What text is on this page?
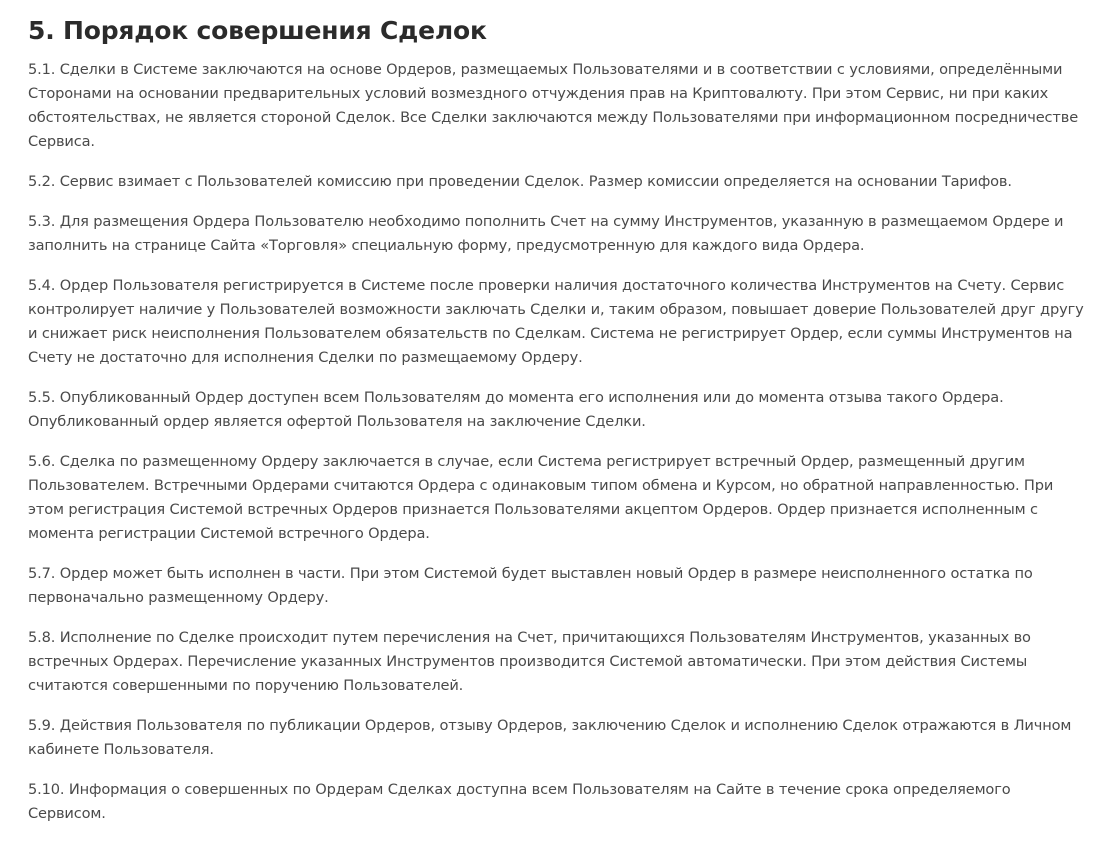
5. Порядок совершения Сделок

5.1. Сделки в Системе заключаются на основе Ордеров, размещаемых Пользователями и в соответствии с условиями, определёнными Сторонами на основании предварительных условий возмездного отчуждения прав на Криптовалюту. При этом Сервис, ни при каких обстоятельствах, не является стороной Сделок. Все Сделки заключаются между Пользователями при информационном посредничестве Сервиса.

5.2. Сервис взимает с Пользователей комиссию при проведении Сделок. Размер комиссии определяется на основании Тарифов.

5.3. Для размещения Ордера Пользователю необходимо пополнить Счет на сумму Инструментов, указанную в размещаемом Ордере и заполнить на странице Сайта «Торговля» специальную форму, предусмотренную для каждого вида Ордера.

5.4. Ордер Пользователя регистрируется в Системе после проверки наличия достаточного количества Инструментов на Счету. Сервис контролирует наличие у Пользователей возможности заключать Сделки и, таким образом, повышает доверие Пользователей друг другу и снижает риск неисполнения Пользователем обязательств по Сделкам. Система не регистрирует Ордер, если суммы Инструментов на Счету не достаточно для исполнения Сделки по размещаемому Ордеру.

5.5. Опубликованный Ордер доступен всем Пользователям до момента его исполнения или до момента отзыва такого Ордера. Опубликованный ордер является офертой Пользователя на заключение Сделки.

5.6. Сделка по размещенному Ордеру заключается в случае, если Система регистрирует встречный Ордер, размещенный другим Пользователем. Встречными Ордерами считаются Ордера с одинаковым типом обмена и Курсом, но обратной направленностью. При этом регистрация Системой встречных Ордеров признается Пользователями акцептом Ордеров. Ордер признается исполненным с момента регистрации Системой встречного Ордера.

5.7. Ордер может быть исполнен в части. При этом Системой будет выставлен новый Ордер в размере неисполненного остатка по первоначально размещенному Ордеру.

5.8. Исполнение по Сделке происходит путем перечисления на Счет, причитающихся Пользователям Инструментов, указанных во встречных Ордерах. Перечисление указанных Инструментов производится Системой автоматически. При этом действия Системы считаются совершенными по поручению Пользователей.

5.9. Действия Пользователя по публикации Ордеров, отзыву Ордеров, заключению Сделок и исполнению Сделок отражаются в Личном кабинете Пользователя.

5.10. Информация о совершенных по Ордерам Сделках доступна всем Пользователям на Сайте в течение срока определяемого Сервисом.
